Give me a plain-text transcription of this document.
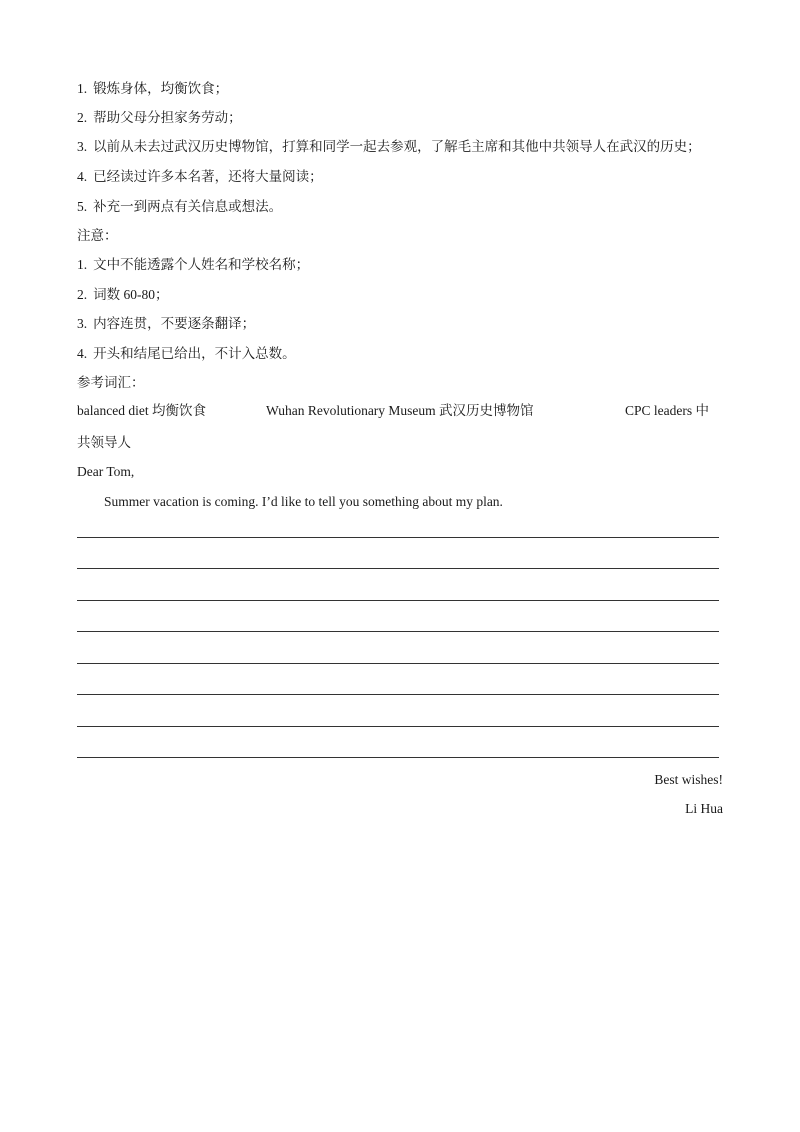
1. 锻炼身体，均衡饮食；
2. 帮助父母分担家务劳动；
3. 以前从未去过武汉历史博物馆，打算和同学一起去参观，了解毛主席和其他中共领导人在武汉的历史；
4. 已经读过许多本名著，还将大量阅读；
5. 补充一到两点有关信息或想法。
注意：
1. 文中不能透露个人姓名和学校名称；
2. 词数 60-80；
3. 内容连贯，不要逐条翻译；
4. 开头和结尾已给出，不计入总数。
参考词汇：
balanced diet 均衡饮食	Wuhan Revolutionary Museum 武汉历史博物馆	CPC leaders 中
共领导人
Dear Tom,
Summer vacation is coming. I’d like to tell you something about my plan.
Best wishes!
Li Hua
